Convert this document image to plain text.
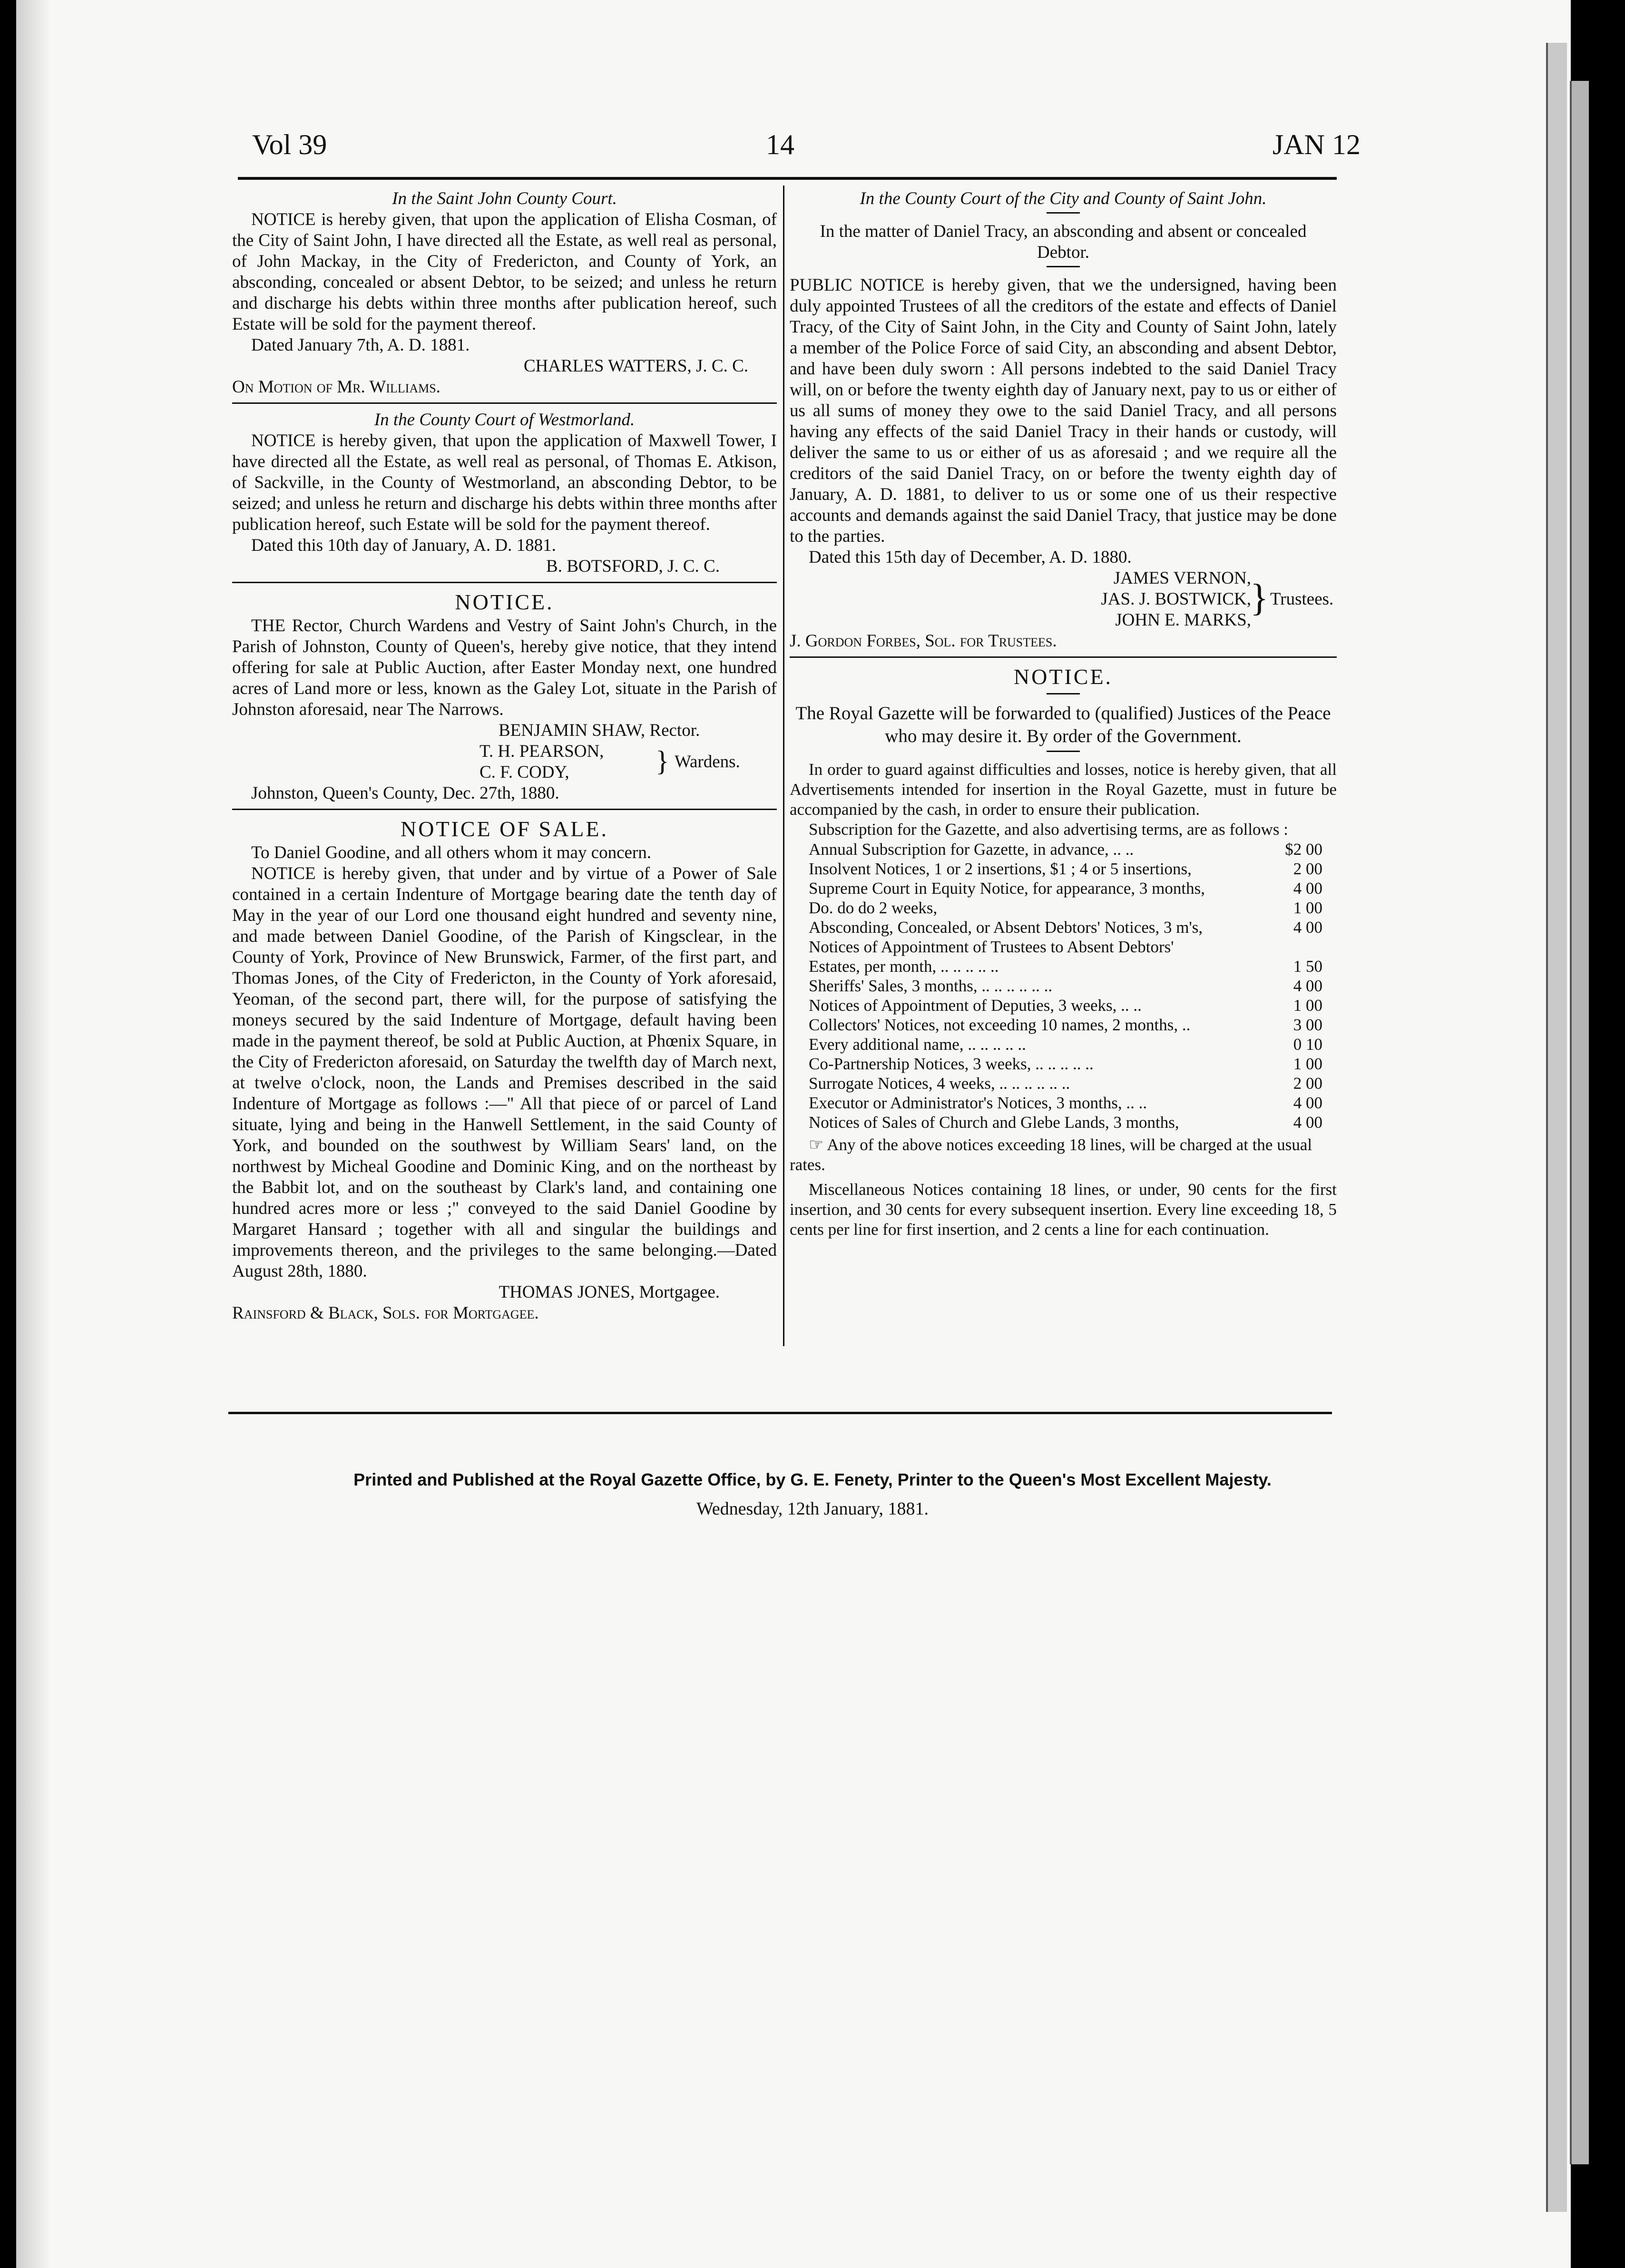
Vol 39	14	JAN 12

In the Saint John County Court.

NOTICE is hereby given, that upon the application of Elisha Cosman, of the City of Saint John, I have directed all the Estate, as well real as personal, of John Mackay, in the City of Fredericton, and County of York, an absconding, concealed or absent Debtor, to be seized; and unless he return and discharge his debts within three months after publication hereof, such Estate will be sold for the payment thereof.

Dated January 7th, A. D. 1881.

CHARLES WATTERS, J. C. C.

On Motion of Mr. Williams.

In the County Court of Westmorland.

NOTICE is hereby given, that upon the application of Maxwell Tower, I have directed all the Estate, as well real as personal, of Thomas E. Atkison, of Sackville, in the County of Westmorland, an absconding Debtor, to be seized; and unless he return and discharge his debts within three months after publication hereof, such Estate will be sold for the payment thereof.

Dated this 10th day of January, A. D. 1881.

B. BOTSFORD, J. C. C.

NOTICE.

THE Rector, Church Wardens and Vestry of Saint John's Church, in the Parish of Johnston, County of Queen's, hereby give notice, that they intend offering for sale at Public Auction, after Easter Monday next, one hundred acres of Land more or less, known as the Galey Lot, situate in the Parish of Johnston aforesaid, near The Narrows.

BENJAMIN SHAW, Rector.

T. H. PEARSON,

C. F. CODY,	} Wardens.

Johnston, Queen's County, Dec. 27th, 1880.

NOTICE OF SALE.

To Daniel Goodine, and all others whom it may concern.

NOTICE is hereby given, that under and by virtue of a Power of Sale contained in a certain Indenture of Mortgage bearing date the tenth day of May in the year of our Lord one thousand eight hundred and seventy nine, and made between Daniel Goodine, of the Parish of Kingsclear, in the County of York, Province of New Brunswick, Farmer, of the first part, and Thomas Jones, of the City of Fredericton, in the County of York aforesaid, Yeoman, of the second part, there will, for the purpose of satisfying the moneys secured by the said Indenture of Mortgage, default having been made in the payment thereof, be sold at Public Auction, at Phœnix Square, in the City of Fredericton aforesaid, on Saturday the twelfth day of March next, at twelve o'clock, noon, the Lands and Premises described in the said Indenture of Mortgage as follows :—" All that piece of or parcel of Land situate, lying and being in the Hanwell Settlement, in the said County of York, and bounded on the southwest by William Sears' land, on the northwest by Micheal Goodine and Dominic King, and on the northeast by the Babbit lot, and on the southeast by Clark's land, and containing one hundred acres more or less ;" conveyed to the said Daniel Goodine by Margaret Hansard ; together with all and singular the buildings and improvements thereon, and the privileges to the same belonging.—Dated August 28th, 1880.

THOMAS JONES, Mortgagee.

Rainsford & Black, Sols. for Mortgagee.

In the County Court of the City and County of Saint John.

In the matter of Daniel Tracy, an absconding and absent or concealed Debtor.

PUBLIC NOTICE is hereby given, that we the undersigned, having been duly appointed Trustees of all the creditors of the estate and effects of Daniel Tracy, of the City of Saint John, in the City and County of Saint John, lately a member of the Police Force of said City, an absconding and absent Debtor, and have been duly sworn : All persons indebted to the said Daniel Tracy will, on or before the twenty eighth day of January next, pay to us or either of us all sums of money they owe to the said Daniel Tracy, and all persons having any effects of the said Daniel Tracy in their hands or custody, will deliver the same to us or either of us as aforesaid ; and we require all the creditors of the said Daniel Tracy, on or before the twenty eighth day of January, A. D. 1881, to deliver to us or some one of us their respective accounts and demands against the said Daniel Tracy, that justice may be done to the parties.

Dated this 15th day of December, A. D. 1880.

JAMES VERNON,

JAS. J. BOSTWICK,

JOHN E. MARKS,

} Trustees.

J. Gordon Forbes, Sol. for Trustees.

NOTICE.

The Royal Gazette will be forwarded to (qualified) Justices of the Peace who may desire it. By order of the Government.

In order to guard against difficulties and losses, notice is hereby given, that all Advertisements intended for insertion in the Royal Gazette, must in future be accompanied by the cash, in order to ensure their publication.

Subscription for the Gazette, and also advertising terms, are as follows :

Annual Subscription for Gazette, in advance, .. ..	$2 00
Insolvent Notices, 1 or 2 insertions, $1 ; 4 or 5 insertions,	2 00
Supreme Court in Equity Notice, for appearance, 3 months,	4 00
Do. do do 2 weeks,	1 00
Absconding, Concealed, or Absent Debtors' Notices, 3 m's,	4 00
Notices of Appointment of Trustees to Absent Debtors'	
Estates, per month, .. .. .. .. ..	1 50
Sheriffs' Sales, 3 months, .. .. .. .. .. ..	4 00
Notices of Appointment of Deputies, 3 weeks, .. ..	1 00
Collectors' Notices, not exceeding 10 names, 2 months, ..	3 00
Every additional name, .. .. .. .. ..	0 10
Co-Partnership Notices, 3 weeks, .. .. .. .. ..	1 00
Surrogate Notices, 4 weeks, .. .. .. .. .. ..	2 00
Executor or Administrator's Notices, 3 months, .. ..	4 00
Notices of Sales of Church and Glebe Lands, 3 months,	4 00

☞ Any of the above notices exceeding 18 lines, will be charged at the usual rates.

Miscellaneous Notices containing 18 lines, or under, 90 cents for the first insertion, and 30 cents for every subsequent insertion. Every line exceeding 18, 5 cents per line for first insertion, and 2 cents a line for each continuation.

Printed and Published at the Royal Gazette Office, by G. E. Fenety, Printer to the Queen's Most Excellent Majesty.
Wednesday, 12th January, 1881.
